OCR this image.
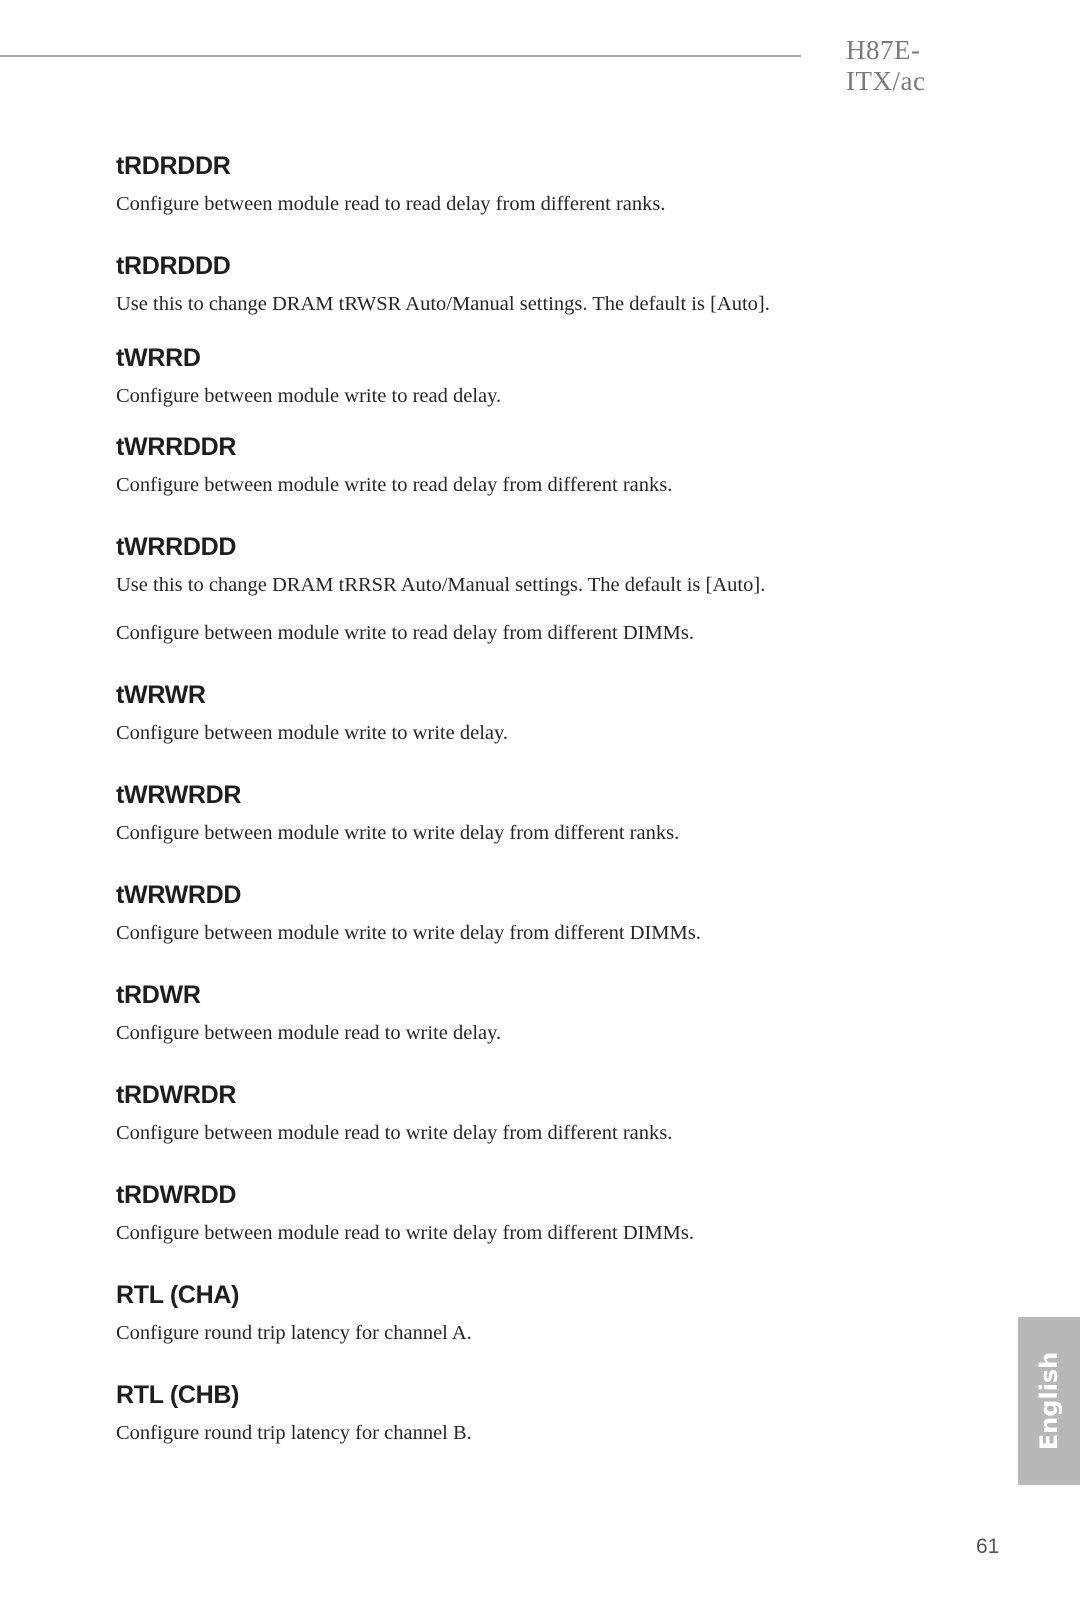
H87E-ITX/ac
tRDRDDR

Configure between module read to read delay from different ranks.

tRDRDDD

Use this to change DRAM tRWSR Auto/Manual settings. The default is [Auto].

tWRRD

Configure between module write to read delay.

tWRRDDR

Configure between module write to read delay from different ranks.

tWRRDDD

Use this to change DRAM tRRSR Auto/Manual settings. The default is [Auto].

Configure between module write to read delay from different DIMMs.

tWRWR

Configure between module write to write delay.

tWRWRDR

Configure between module write to write delay from different ranks.

tWRWRDD

Configure between module write to write delay from different DIMMs.

tRDWR

Configure between module read to write delay.

tRDWRDR

Configure between module read to write delay from different ranks.

tRDWRDD

Configure between module read to write delay from different DIMMs.

RTL (CHA)

Configure round trip latency for channel A.

RTL (CHB)

Configure round trip latency for channel B.	English
61
